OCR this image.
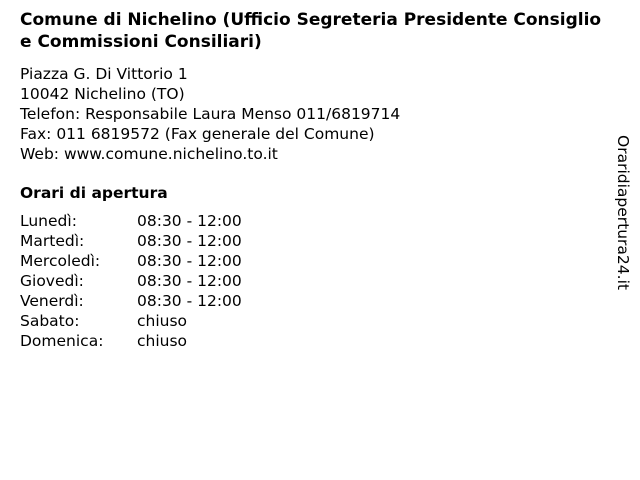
Comune di Nichelino (Ufficio Segreteria Presidente Consiglio e Commissioni Consiliari)
Piazza G. Di Vittorio 1
10042 Nichelino (TO)
Telefon: Responsabile Laura Menso 011/6819714
Fax: 011 6819572 (Fax generale del Comune)
Web: www.comune.nichelino.to.it
Orari di apertura
Lunedì:	08:30 - 12:00
Martedì:	08:30 - 12:00
Mercoledì:	08:30 - 12:00
Giovedì:	08:30 - 12:00
Venerdì:	08:30 - 12:00
Sabato:	chiuso
Domenica:	chiuso
Oraridiapertura24.it
